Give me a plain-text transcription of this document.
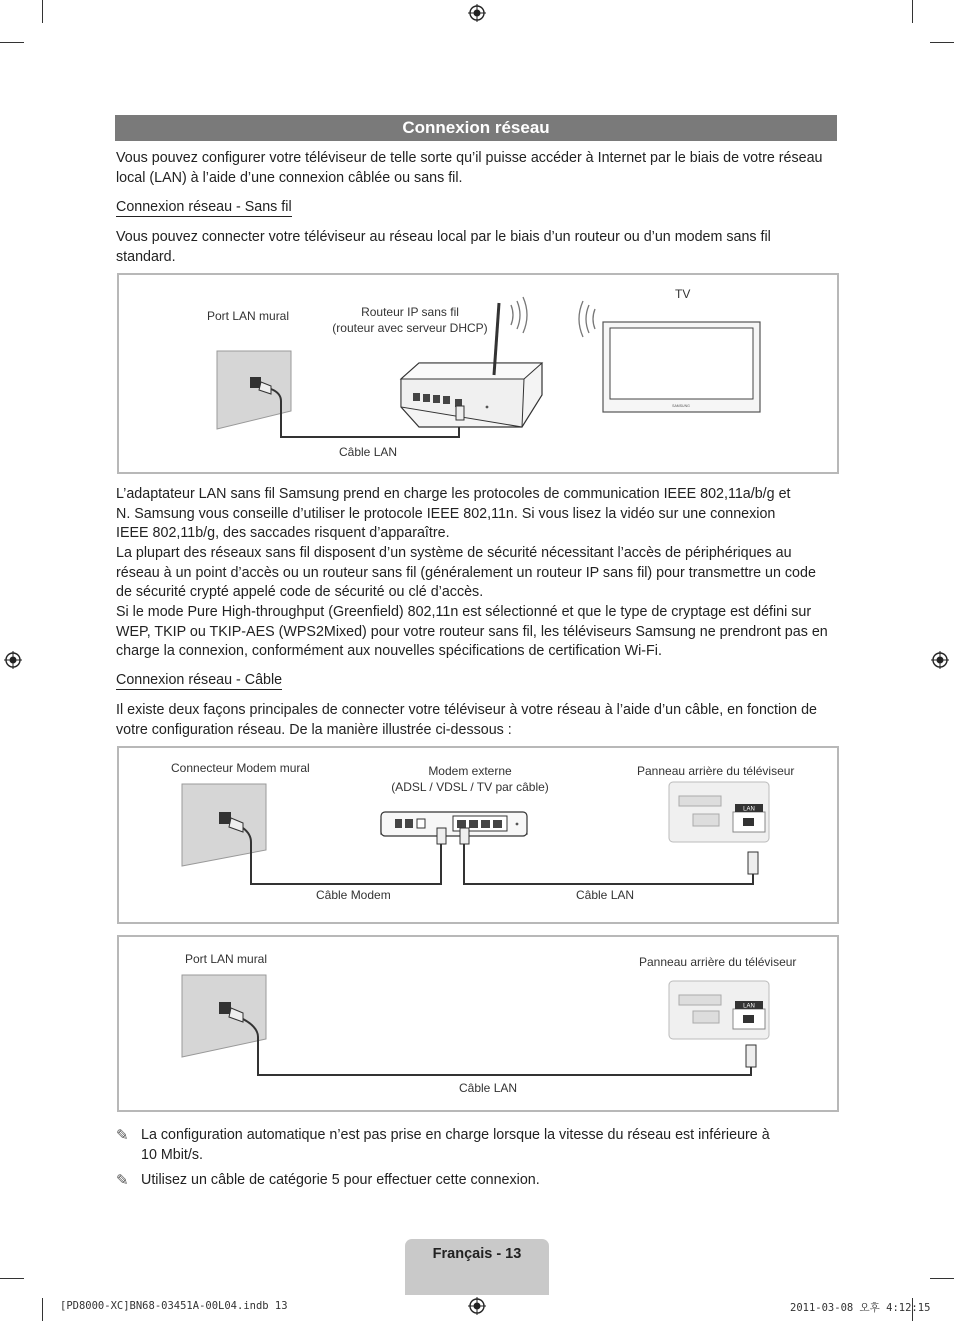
Connexion réseau
Vous pouvez configurer votre téléviseur de telle sorte qu’il puisse accéder à Internet par le biais de votre réseau local (LAN) à l’aide d’une connexion câblée ou sans fil.
Connexion réseau - Sans fil
Vous pouvez connecter votre téléviseur au réseau local par le biais d’un routeur ou d’un modem sans fil standard.
SAMSUNG
Port LAN mural	Routeur IP sans fil
(routeur avec serveur DHCP)
TV
Câble LAN
L’adaptateur LAN sans fil Samsung prend en charge les protocoles de communication IEEE 802,11a/b/g et N. Samsung vous conseille d’utiliser le protocole IEEE 802,11n. Si vous lisez la vidéo sur une connexion IEEE 802,11b/g, des saccades risquent d’apparaître.
La plupart des réseaux sans fil disposent d’un système de sécurité nécessitant l’accès de périphériques au réseau à un point d’accès ou un routeur sans fil (généralement un routeur IP sans fil) pour transmettre un code de sécurité crypté appelé code de sécurité ou clé d’accès.
Si le mode Pure High-throughput (Greenfield) 802,11n est sélectionné et que le type de cryptage est défini sur WEP, TKIP ou TKIP-AES (WPS2Mixed) pour votre routeur sans fil, les téléviseurs Samsung ne prendront pas en charge la connexion, conformément aux nouvelles spécifications de certification Wi-Fi.
Connexion réseau - Câble
Il existe deux façons principales de connecter votre téléviseur à votre réseau à l’aide d’un câble, en fonction de votre configuration réseau. De la manière illustrée ci-dessous :
LAN
Connecteur Modem mural	Modem externe
(ADSL / VDSL / TV par câble)
Panneau arrière du téléviseur
Câble Modem	Câble LAN
LAN
Port LAN mural	Panneau arrière du téléviseur
Câble LAN
✎ La configuration automatique n’est pas prise en charge lorsque la vitesse du réseau est inférieure à 10 Mbit/s.
✎ Utilisez un câble de catégorie 5 pour effectuer cette connexion.
Français - 13
[PD8000-XC]BN68-03451A-00L04.indb 13	2011-03-08 오후 4:12:15
